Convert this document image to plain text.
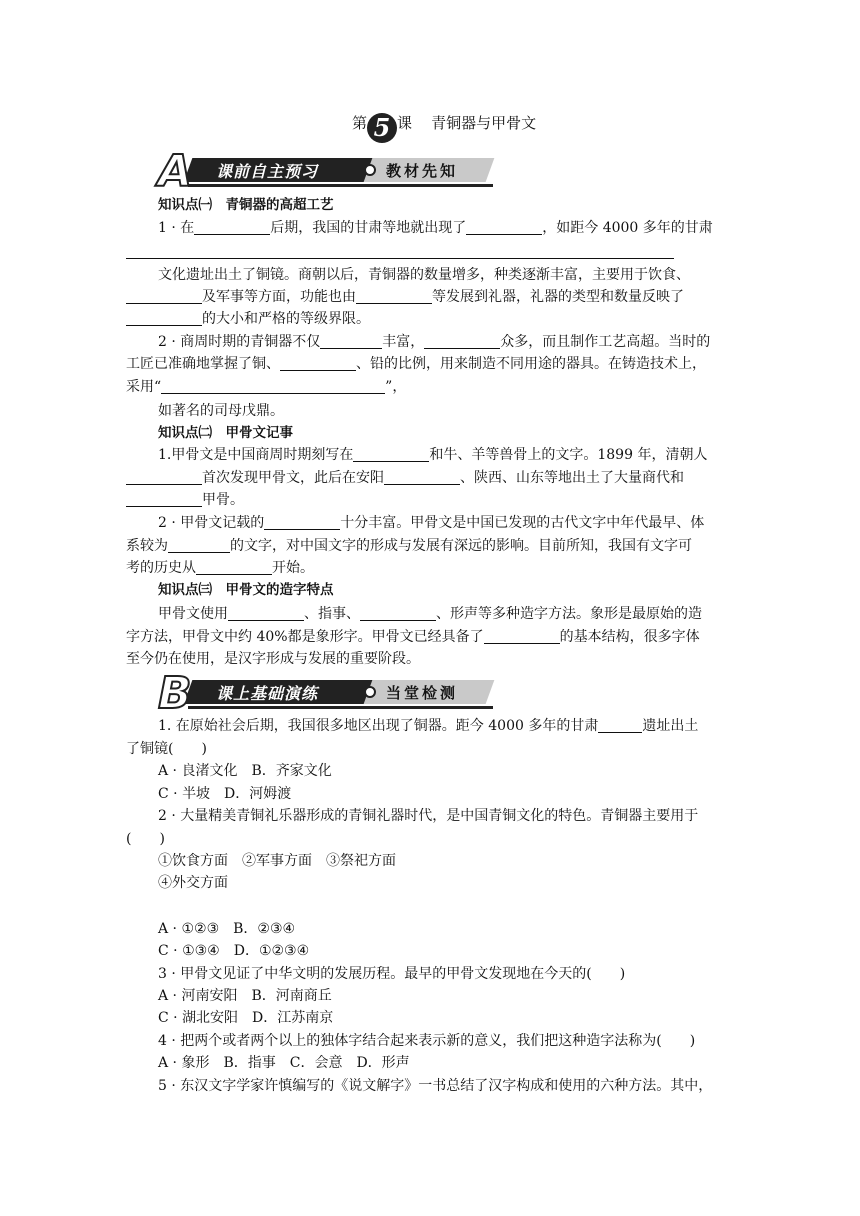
第 5 课 青铜器与甲骨文
A 课前自主预习	教材先知
知识点㈠　青铜器的高超工艺
1 · 在	后期，我国的甘肃等地就出现了	，如距今 4000 多年的甘肃
文化遗址出土了铜镜。商朝以后，青铜器的数量增多，种类逐渐丰富，主要用于饮食、
及军事等方面，功能也由	等发展到礼器，礼器的类型和数量反映了
的大小和严格的等级界限。
2 · 商周时期的青铜器不仅	丰富，	众多，而且制作工艺高超。当时的
工匠已准确地掌握了铜、	、铅的比例，用来制造不同用途的器具。在铸造技术上，
采用“	”，
如著名的司母戊鼎。
知识点㈡　甲骨文记事
1.甲骨文是中国商周时期刻写在	和牛、羊等兽骨上的文字。1899 年，清朝人
首次发现甲骨文，此后在安阳	、陕西、山东等地出土了大量商代和
甲骨。
2 · 甲骨文记载的	十分丰富。甲骨文是中国已发现的古代文字中年代最早、体
系较为	的文字，对中国文字的形成与发展有深远的影响。目前所知，我国有文字可
考的历史从	开始。
知识点㈢　甲骨文的造字特点
甲骨文使用	、指事、	、形声等多种造字方法。象形是最原始的造
字方法，甲骨文中约 40%都是象形字。甲骨文已经具备了	的基本结构，很多字体
至今仍在使用，是汉字形成与发展的重要阶段。
B 课上基础演练	当堂检测
1. 在原始社会后期，我国很多地区出现了铜器。距今 4000 多年的甘肃	遗址出土
了铜镜(　　)
A · 良渚文化　B．齐家文化
C · 半坡　D．河姆渡
2 · 大量精美青铜礼乐器形成的青铜礼器时代，是中国青铜文化的特色。青铜器主要用于
(　　)
①饮食方面　②军事方面　③祭祀方面
④外交方面
A · ①②③　B．②③④
C · ①③④　D．①②③④
3 · 甲骨文见证了中华文明的发展历程。最早的甲骨文发现地在今天的(　　)
A · 河南安阳　B．河南商丘
C · 湖北安阳　D．江苏南京
4 · 把两个或者两个以上的独体字结合起来表示新的意义，我们把这种造字法称为(　　)
A · 象形　B．指事　C．会意　D．形声
5 · 东汉文字学家许慎编写的《说文解字》一书总结了汉字构成和使用的六种方法。其中，
